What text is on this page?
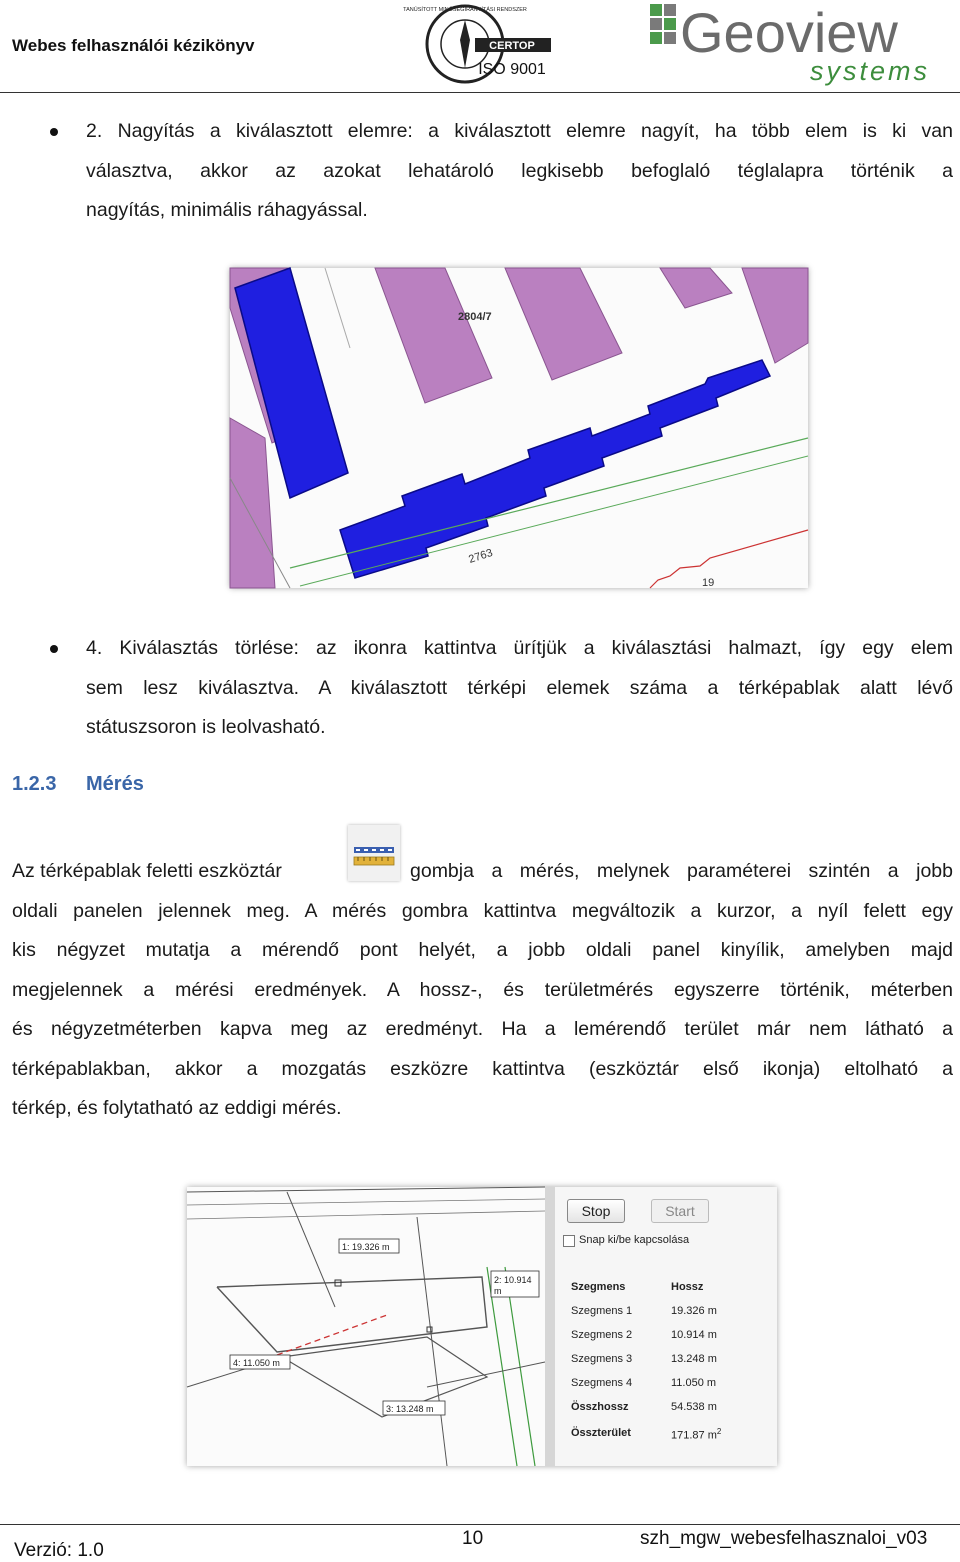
Webes felhasználói kézikönyv	CERTOP
ISO 9001
TANÚSÍTOTT MINŐSÉGIRÁNYÍTÁSI RENDSZER	Geoview
systems
2. Nagyítás a kiválasztott elemre: a kiválasztott elemre nagyít, ha több elem is ki van
választva, akkor az azokat lehatároló legkisebb befoglaló téglalapra történik a
nagyítás, minimális ráhagyással.
2804/7
2763
19
4. Kiválasztás törlése: az ikonra kattintva ürítjük a kiválasztási halmazt, így egy elem
sem lesz kiválasztva. A kiválasztott térképi elemek száma a térképablak alatt lévő
státuszsoron is leolvasható.
1.2.3 Mérés
Az térképablak feletti eszköztár	gombja a mérés, melynek paraméterei szintén a jobb
oldali panelen jelennek meg. A mérés gombra kattintva megváltozik a kurzor, a nyíl felett egy
kis négyzet mutatja a mérendő pont helyét, a jobb oldali panel kinyílik, amelyben majd
megjelennek a mérési eredmények. A hossz-, és területmérés egyszerre történik, méterben
és négyzetméterben kapva meg az eredményt. Ha a lemérendő terület már nem látható a
térképablakban, akkor a mozgatás eszközre kattintva (eszköztár első ikonja) eltolható a
térkép, és folytatható az eddigi mérés.
1: 19.326 m
2: 10.914
m
4: 11.050 m
3: 13.248 m
Stop	Start
Snap ki/be kapcsolása
Szegmens	Hossz
Szegmens 1	19.326 m
Szegmens 2	10.914 m
Szegmens 3	13.248 m
Szegmens 4	11.050 m
Összhossz	54.538 m
Összterület	171.87 $m^2$
Verzió: 1.0
10	szh_mgw_webesfelhasznaloi_v03
